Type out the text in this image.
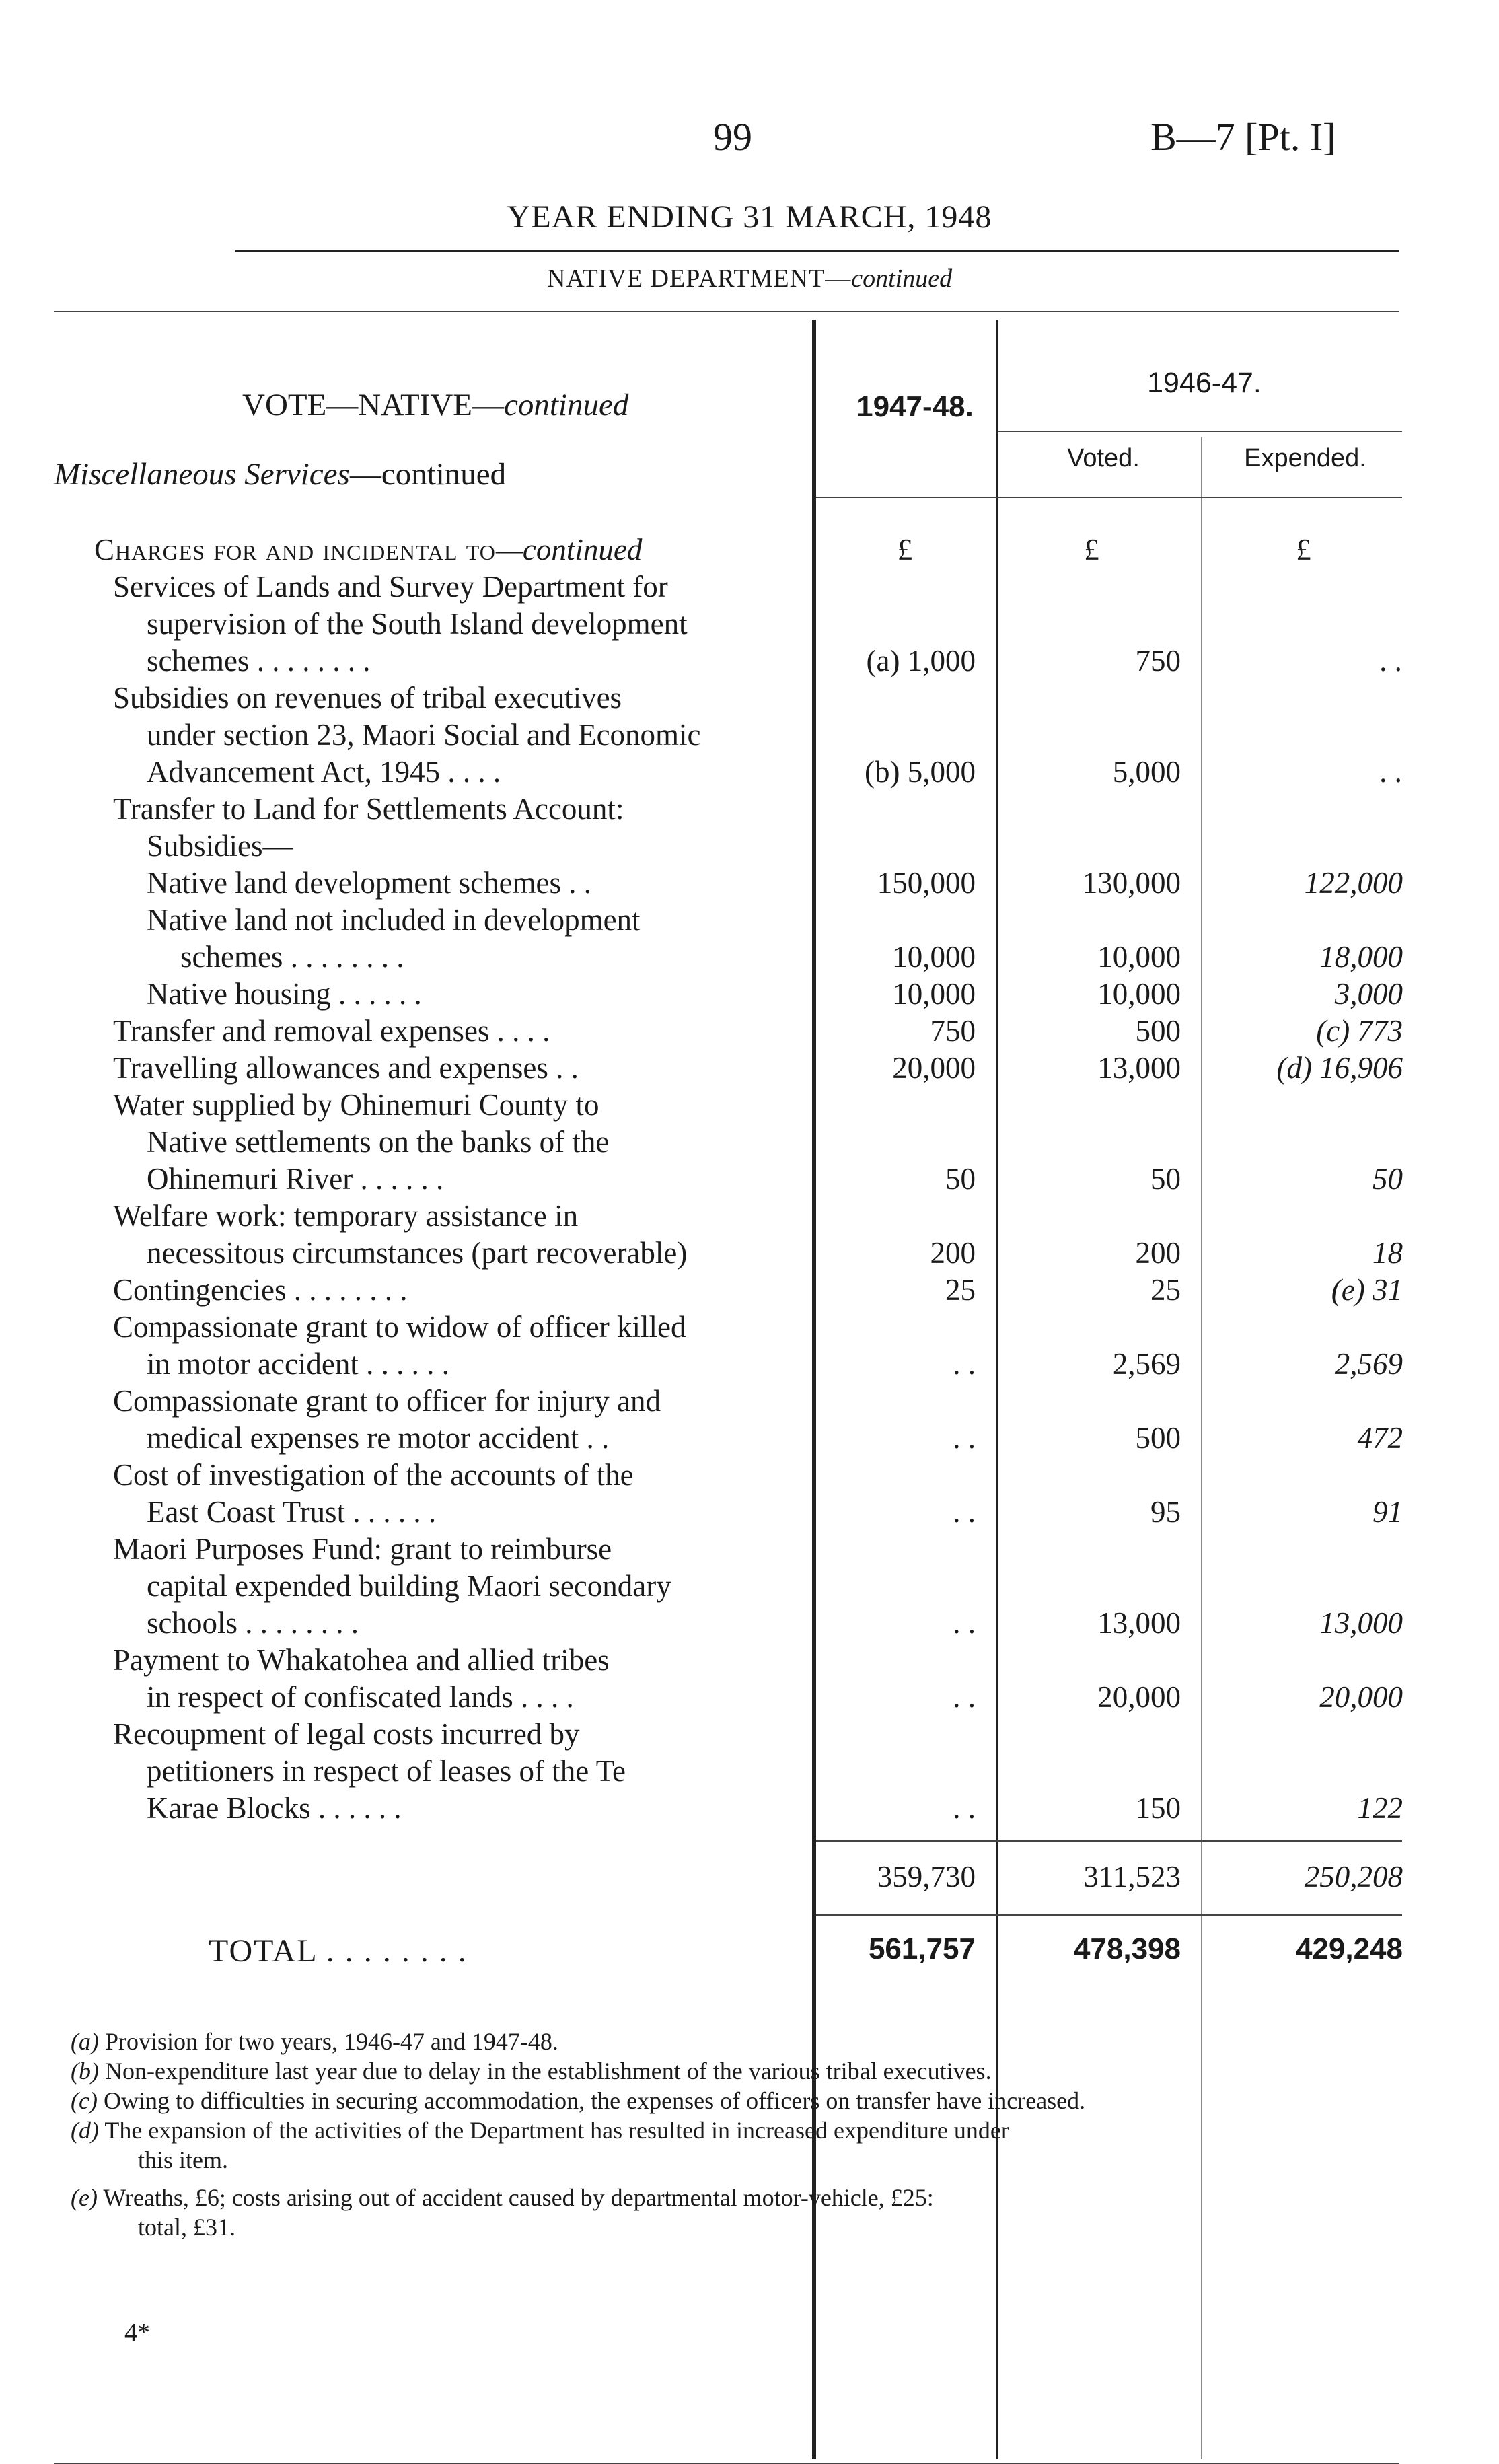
99	B—7 [Pt. I]
YEAR ENDING 31 MARCH, 1948
NATIVE DEPARTMENT—continued
VOTE—NATIVE—continued
Miscellaneous Services—continued
1947-48.
1946-47.
Voted.	Expended.
Charges for and incidental to—continued	£	£	£
Services of Lands and Survey Department for
supervision of the South Island development
schemes . . . . . . . .	(a) 1,000	750	. .
Subsidies on revenues of tribal executives
under section 23, Maori Social and Economic
Advancement Act, 1945 . . . .	(b) 5,000	5,000	. .
Transfer to Land for Settlements Account:
Subsidies—
Native land development schemes . .	150,000	130,000	122,000
Native land not included in development
schemes . . . . . . . .	10,000	10,000	18,000
Native housing . . . . . .	10,000	10,000	3,000
Transfer and removal expenses . . . .	750	500	(c) 773
Travelling allowances and expenses . .	20,000	13,000	(d) 16,906
Water supplied by Ohinemuri County to
Native settlements on the banks of the
Ohinemuri River . . . . . .	50	50	50
Welfare work: temporary assistance in
necessitous circumstances (part recoverable)	200	200	18
Contingencies . . . . . . . .	25	25	(e) 31
Compassionate grant to widow of officer killed
in motor accident . . . . . .	. .	2,569	2,569
Compassionate grant to officer for injury and
medical expenses re motor accident . .	. .	500	472
Cost of investigation of the accounts of the
East Coast Trust . . . . . .	. .	95	91
Maori Purposes Fund: grant to reimburse
capital expended building Maori secondary
schools . . . . . . . .	. .	13,000	13,000
Payment to Whakatohea and allied tribes
in respect of confiscated lands . . . .	. .	20,000	20,000
Recoupment of legal costs incurred by
petitioners in respect of leases of the Te
Karae Blocks . . . . . .	. .	150	122
359,730	311,523	250,208
TOTAL . . . . . . . .	561,757	478,398	429,248
(a) Provision for two years, 1946-47 and 1947-48.
(b) Non-expenditure last year due to delay in the establishment of the various tribal executives.
(c) Owing to difficulties in securing accommodation, the expenses of officers on transfer have increased.
(d) The expansion of the activities of the Department has resulted in increased expenditure under
this item.
(e) Wreaths, £6; costs arising out of accident caused by departmental motor-vehicle, £25:
total, £31.
4*
